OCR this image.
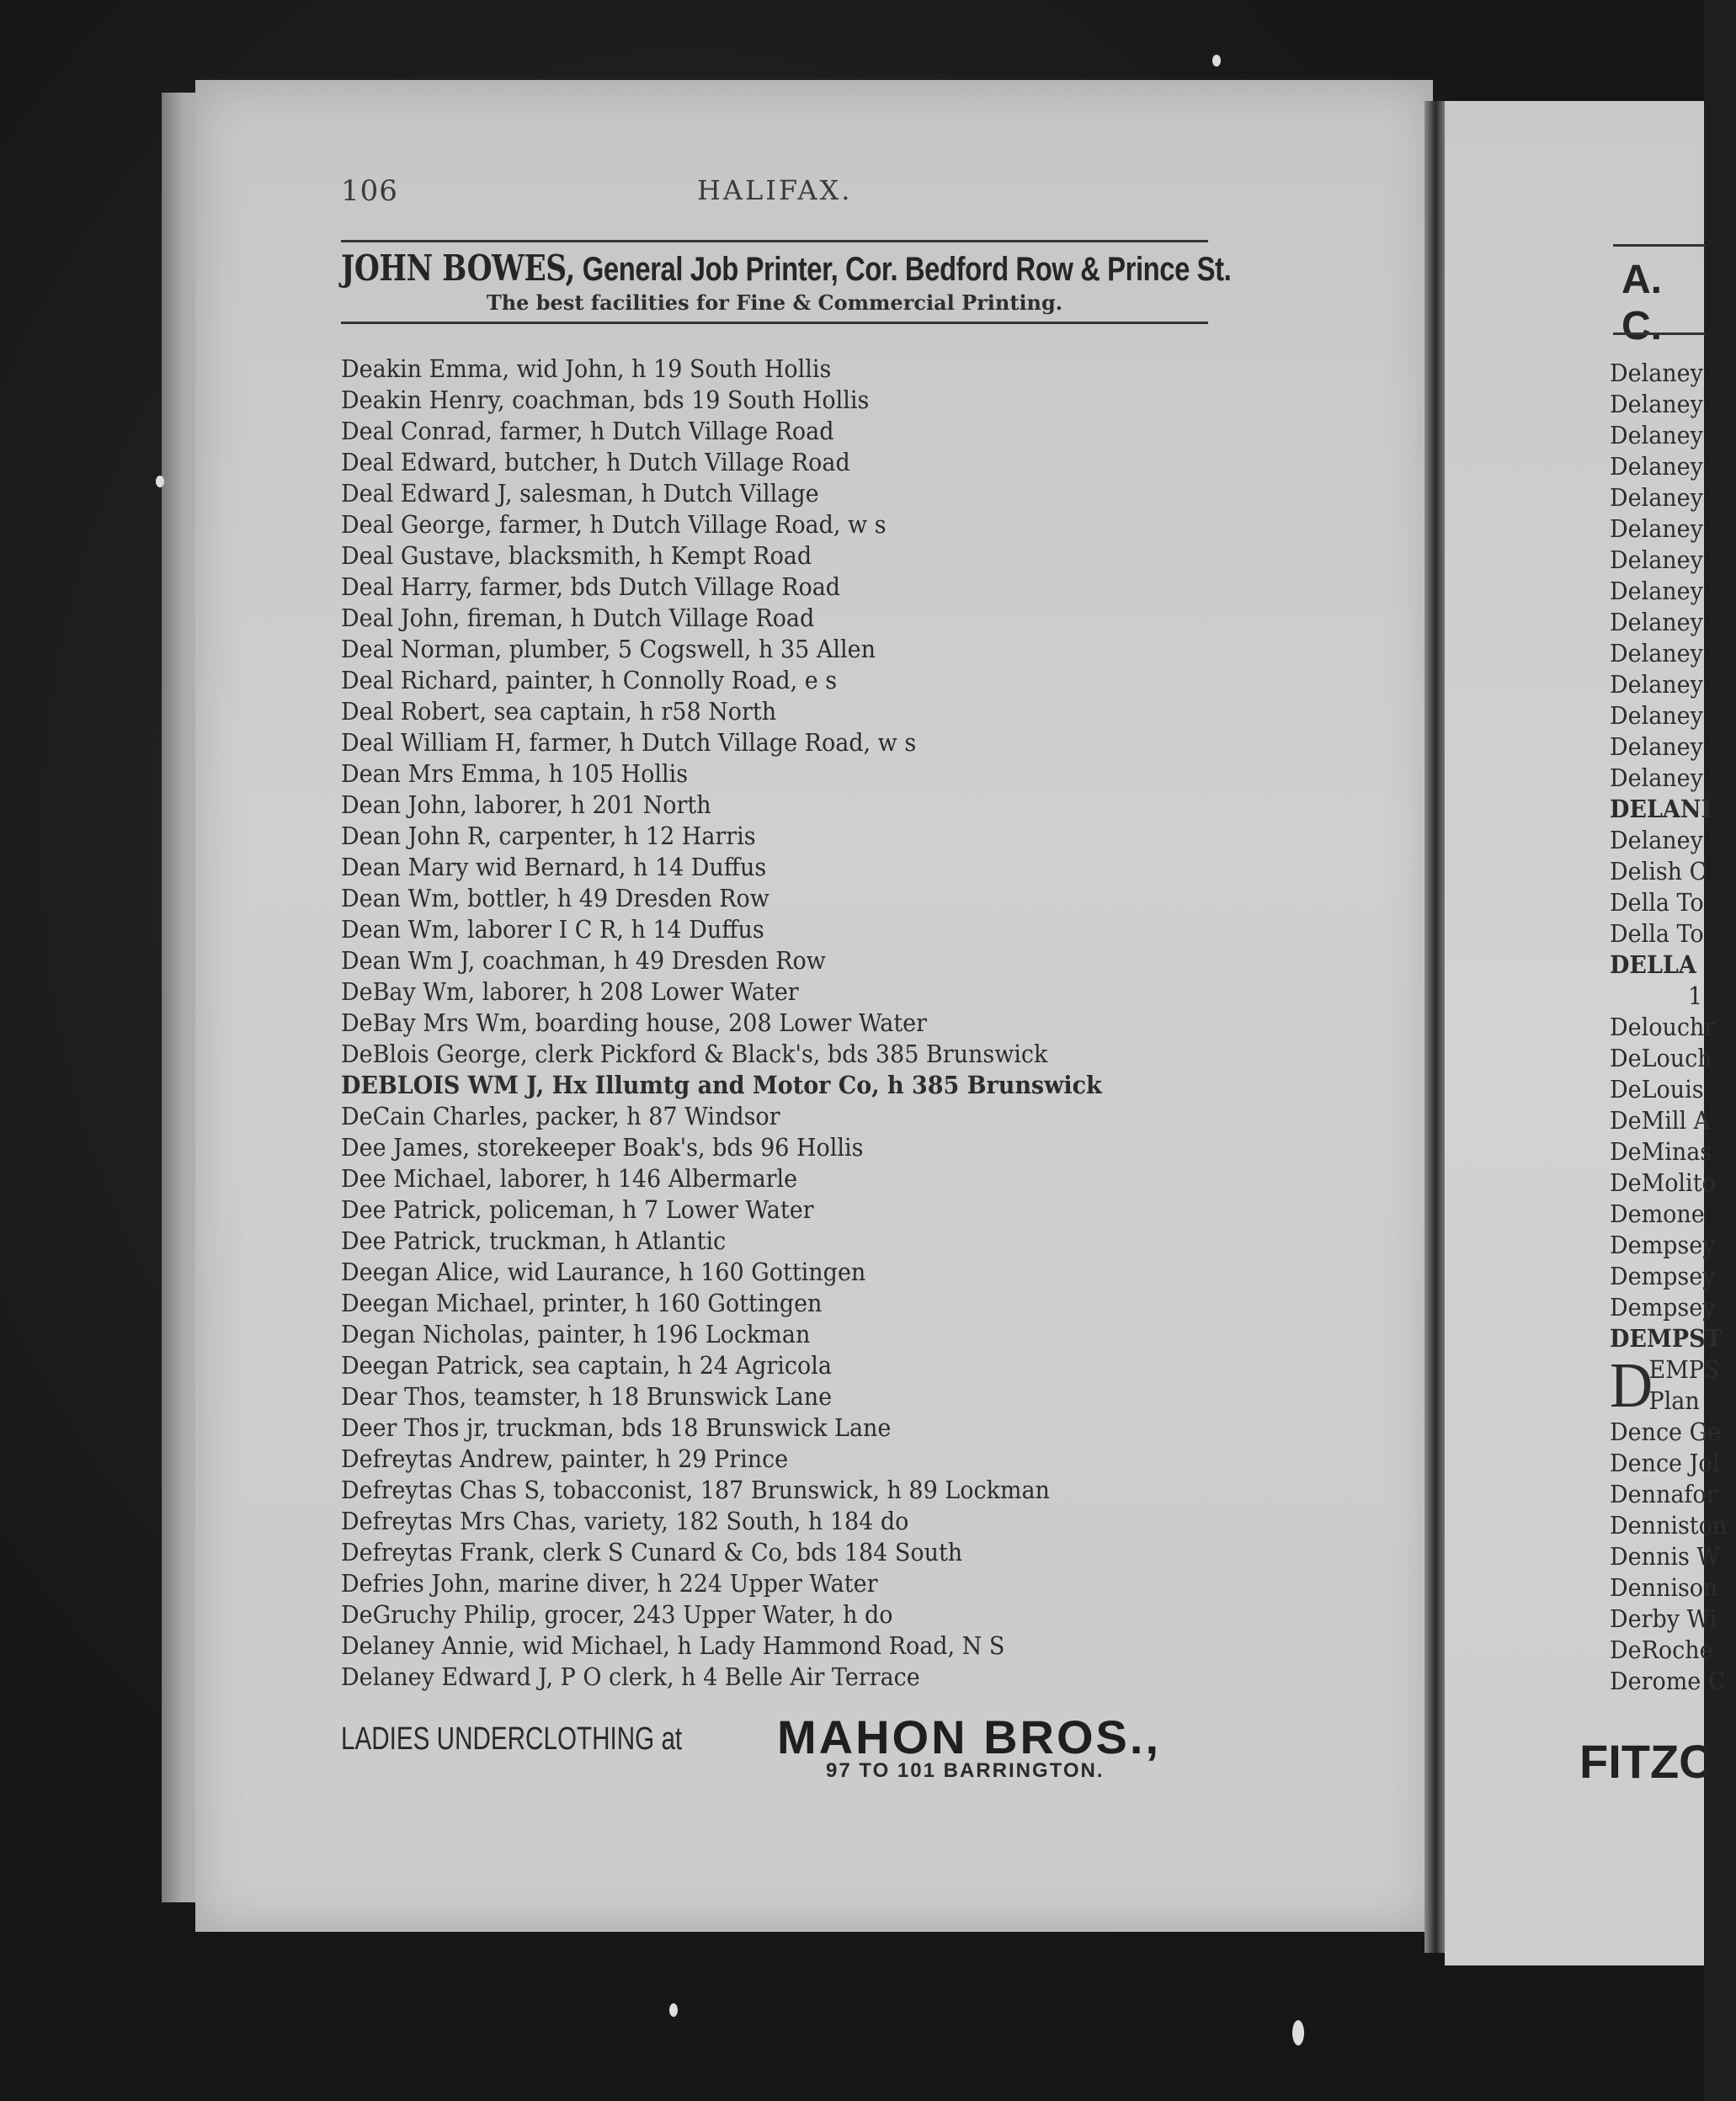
106	HALIFAX.
JOHN BOWES, General Job Printer, Cor. Bedford Row & Prince St.
The best facilities for Fine & Commercial Printing.
Deakin Emma, wid John, h 19 South Hollis
Deakin Henry, coachman, bds 19 South Hollis
Deal Conrad, farmer, h Dutch Village Road
Deal Edward, butcher, h Dutch Village Road
Deal Edward J, salesman, h Dutch Village
Deal George, farmer, h Dutch Village Road, w s
Deal Gustave, blacksmith, h Kempt Road
Deal Harry, farmer, bds Dutch Village Road
Deal John, fireman, h Dutch Village Road
Deal Norman, plumber, 5 Cogswell, h 35 Allen
Deal Richard, painter, h Connolly Road, e s
Deal Robert, sea captain, h r58 North
Deal William H, farmer, h Dutch Village Road, w s
Dean Mrs Emma, h 105 Hollis
Dean John, laborer, h 201 North
Dean John R, carpenter, h 12 Harris
Dean Mary wid Bernard, h 14 Duffus
Dean Wm, bottler, h 49 Dresden Row
Dean Wm, laborer I C R, h 14 Duffus
Dean Wm J, coachman, h 49 Dresden Row
DeBay Wm, laborer, h 208 Lower Water
DeBay Mrs Wm, boarding house, 208 Lower Water
DeBlois George, clerk Pickford & Black's, bds 385 Brunswick
DEBLOIS WM J, Hx Illumtg and Motor Co, h 385 Brunswick
DeCain Charles, packer, h 87 Windsor
Dee James, storekeeper Boak's, bds 96 Hollis
Dee Michael, laborer, h 146 Albermarle
Dee Patrick, policeman, h 7 Lower Water
Dee Patrick, truckman, h Atlantic
Deegan Alice, wid Laurance, h 160 Gottingen
Deegan Michael, printer, h 160 Gottingen
Degan Nicholas, painter, h 196 Lockman
Deegan Patrick, sea captain, h 24 Agricola
Dear Thos, teamster, h 18 Brunswick Lane
Deer Thos jr, truckman, bds 18 Brunswick Lane
Defreytas Andrew, painter, h 29 Prince
Defreytas Chas S, tobacconist, 187 Brunswick, h 89 Lockman
Defreytas Mrs Chas, variety, 182 South, h 184 do
Defreytas Frank, clerk S Cunard & Co, bds 184 South
Defries John, marine diver, h 224 Upper Water
DeGruchy Philip, grocer, 243 Upper Water, h do
Delaney Annie, wid Michael, h Lady Hammond Road, N S
Delaney Edward J, P O clerk, h 4 Belle Air Terrace
LADIES UNDERCLOTHING at MAHON BROS.,
97 TO 101 BARRINGTON.
A. C.
Delaney
Delaney
Delaney
Delaney
Delaney
Delaney
Delaney
Delaney
Delaney
Delaney
Delaney
Delaney
Delaney
Delaney
DELANI
Delaney
Delish C
Della To
Della To
DELLA
1
Delouchr
DeLouch
DeLouis
DeMill A
DeMinas
DeMolito
Demone
Dempsey
Dempsey
Dempsey
DEMPST
D
EMPS
Plan
Dence Ge
Dence Jol
Dennafor
Denniston
Dennis W
Dennison
Derby Wi
DeRoche
Derome C
FITZC
